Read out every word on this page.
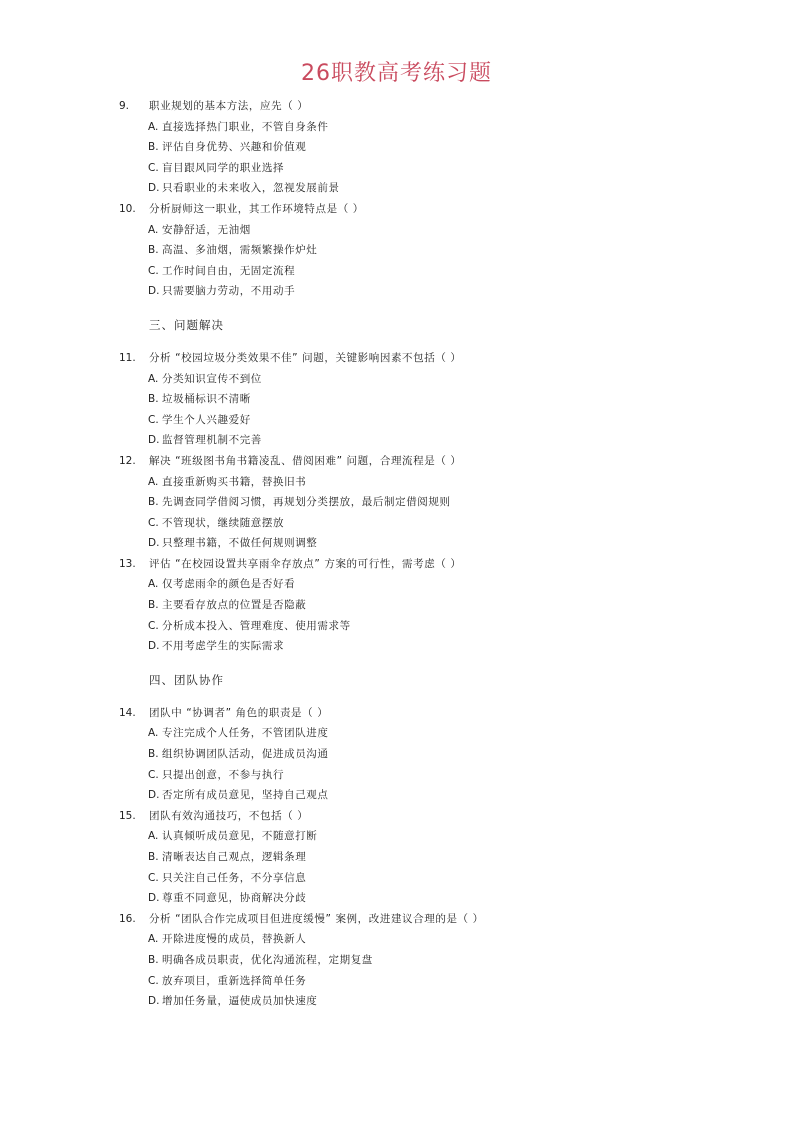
26职教高考练习题
9. 职业规划的基本方法，应先（ ）
A. 直接选择热门职业，不管自身条件
B. 评估自身优势、兴趣和价值观
C. 盲目跟风同学的职业选择
D. 只看职业的未来收入，忽视发展前景
10. 分析厨师这一职业，其工作环境特点是（ ）
A. 安静舒适，无油烟
B. 高温、多油烟，需频繁操作炉灶
C. 工作时间自由，无固定流程
D. 只需要脑力劳动，不用动手
三、问题解决
11. 分析 “校园垃圾分类效果不佳” 问题，关键影响因素不包括（ ）
A. 分类知识宣传不到位
B. 垃圾桶标识不清晰
C. 学生个人兴趣爱好
D. 监督管理机制不完善
12. 解决 “班级图书角书籍凌乱、借阅困难” 问题，合理流程是（ ）
A. 直接重新购买书籍，替换旧书
B. 先调查同学借阅习惯，再规划分类摆放，最后制定借阅规则
C. 不管现状，继续随意摆放
D. 只整理书籍，不做任何规则调整
13. 评估 “在校园设置共享雨伞存放点” 方案的可行性，需考虑（ ）
A. 仅考虑雨伞的颜色是否好看
B. 主要看存放点的位置是否隐蔽
C. 分析成本投入、管理难度、使用需求等
D. 不用考虑学生的实际需求
四、团队协作
14. 团队中 “协调者” 角色的职责是（ ）
A. 专注完成个人任务，不管团队进度
B. 组织协调团队活动，促进成员沟通
C. 只提出创意，不参与执行
D. 否定所有成员意见，坚持自己观点
15. 团队有效沟通技巧，不包括（ ）
A. 认真倾听成员意见，不随意打断
B. 清晰表达自己观点，逻辑条理
C. 只关注自己任务，不分享信息
D. 尊重不同意见，协商解决分歧
16. 分析 “团队合作完成项目但进度缓慢” 案例，改进建议合理的是（ ）
A. 开除进度慢的成员，替换新人
B. 明确各成员职责，优化沟通流程，定期复盘
C. 放弃项目，重新选择简单任务
D. 增加任务量，逼使成员加快速度
